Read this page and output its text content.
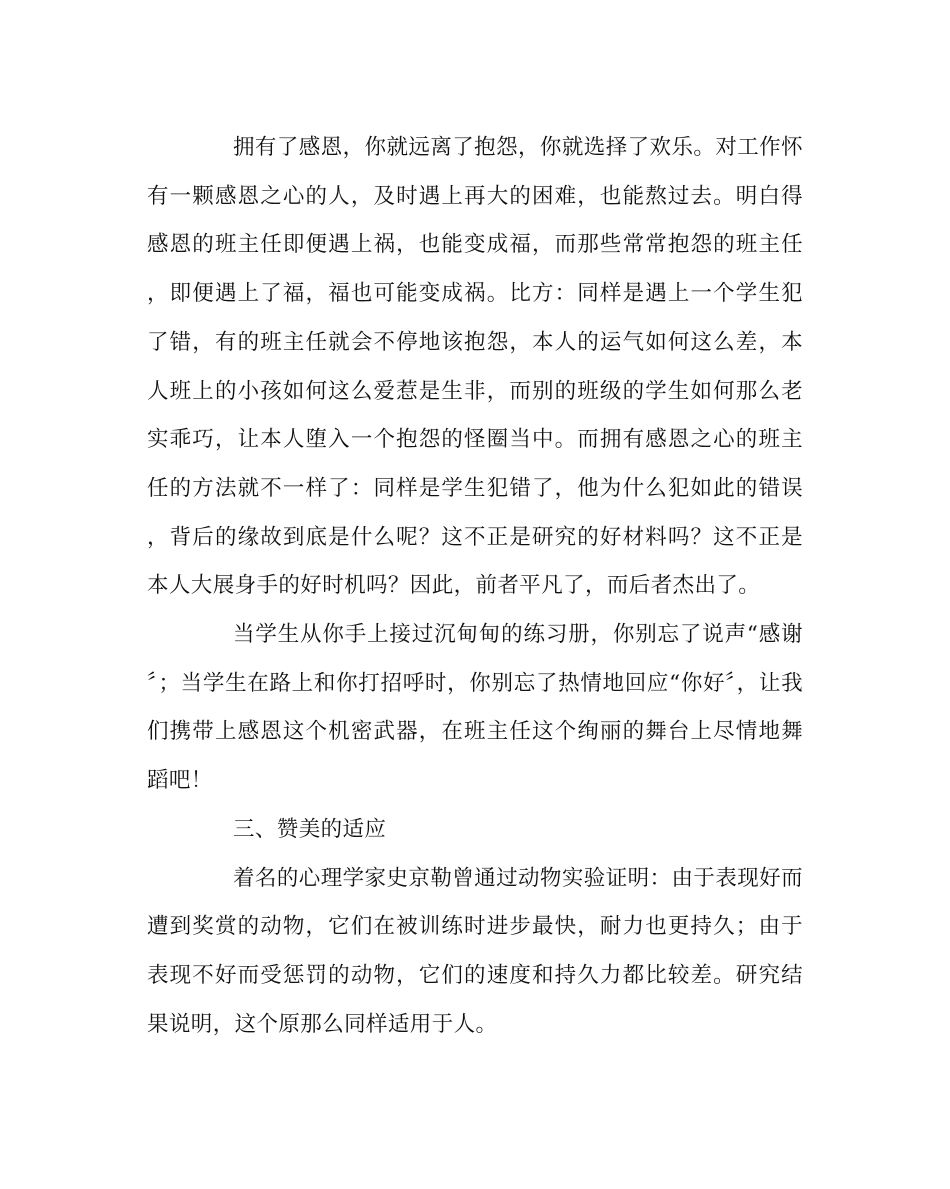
拥有了感恩，你就远离了抱怨，你就选择了欢乐。对工作怀有一颗感恩之心的人，及时遇上再大的困难，也能熬过去。明白得感恩的班主任即便遇上祸，也能变成福，而那些常常抱怨的班主任，即便遇上了福，福也可能变成祸。比方：同样是遇上一个学生犯了错，有的班主任就会不停地该抱怨，本人的运气如何这么差，本人班上的小孩如何这么爱惹是生非，而别的班级的学生如何那么老实乖巧，让本人堕入一个抱怨的怪圈当中。而拥有感恩之心的班主任的方法就不一样了：同样是学生犯错了，他为什么犯如此的错误，背后的缘故到底是什么呢？这不正是研究的好材料吗？这不正是本人大展身手的好时机吗？因此，前者平凡了，而后者杰出了。

当学生从你手上接过沉甸甸的练习册，你别忘了说声“感谢〞；当学生在路上和你打招呼时，你别忘了热情地回应“你好〞，让我们携带上感恩这个机密武器，在班主任这个绚丽的舞台上尽情地舞蹈吧！

三、赞美的适应

着名的心理学家史京勒曾通过动物实验证明：由于表现好而遭到奖赏的动物，它们在被训练时进步最快，耐力也更持久；由于表现不好而受惩罚的动物，它们的速度和持久力都比较差。研究结果说明，这个原那么同样适用于人。
